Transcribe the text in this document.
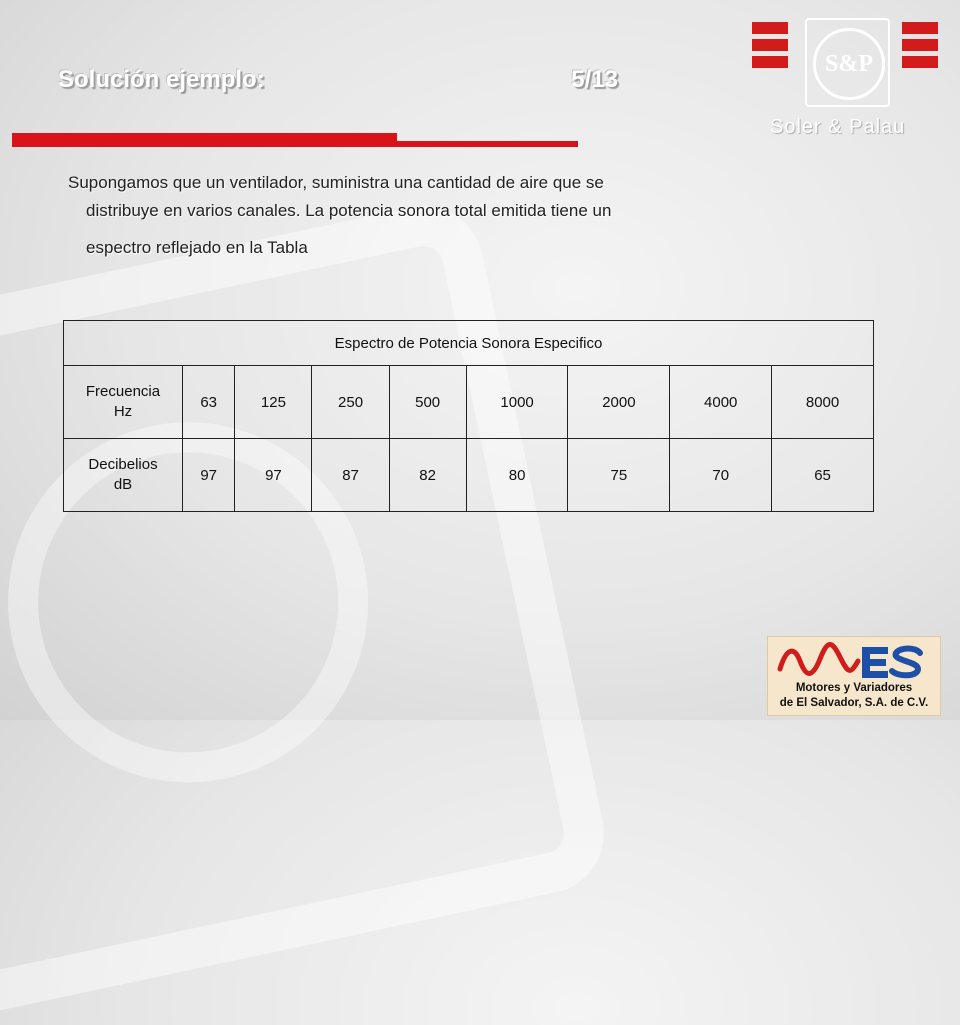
Solución ejemplo:	5/13
Supongamos que un ventilador, suministra una cantidad de aire que se
distribuye en varios canales. La potencia sonora total emitida tiene un
espectro reflejado en la Tabla
Espectro de Potencia Sonora Especifico								

Frecuencia
Hz	63	125	250	500	1000	2000	4000	8000

Decibelios
dB	97	97	87	82	80	75	70	65
S&P
Soler & Palau
Motores y Variadores
de El Salvador, S.A. de C.V.
